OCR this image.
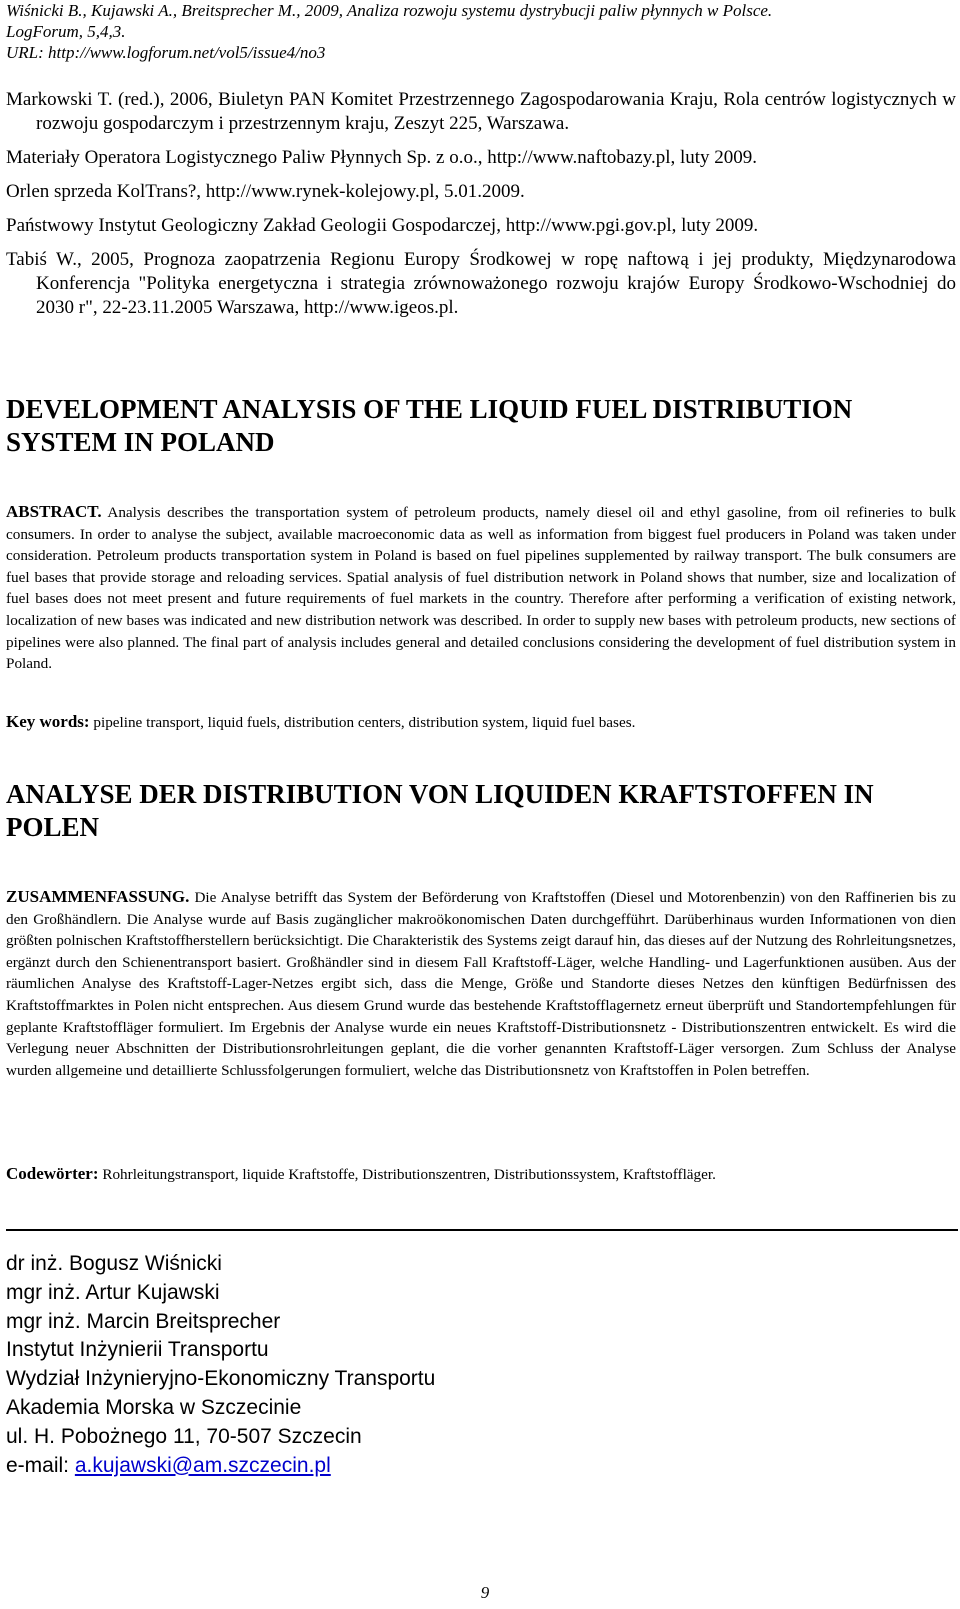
Wiśnicki B., Kujawski A., Breitsprecher M., 2009, Analiza rozwoju systemu dystrybucji paliw płynnych w Polsce.
LogForum, 5,4,3.
URL: http://www.logforum.net/vol5/issue4/no3

Markowski T. (red.), 2006, Biuletyn PAN Komitet Przestrzennego Zagospodarowania Kraju, Rola centrów logistycznych w rozwoju gospodarczym i przestrzennym kraju, Zeszyt 225, Warszawa.

Materiały Operatora Logistycznego Paliw Płynnych Sp. z o.o., http://www.naftobazy.pl, luty 2009.

Orlen sprzeda KolTrans?, http://www.rynek-kolejowy.pl, 5.01.2009.

Państwowy Instytut Geologiczny Zakład Geologii Gospodarczej, http://www.pgi.gov.pl, luty 2009.

Tabiś W., 2005, Prognoza zaopatrzenia Regionu Europy Środkowej w ropę naftową i jej produkty, Międzynarodowa Konferencja "Polityka energetyczna i strategia zrównoważonego rozwoju krajów Europy Środkowo-Wschodniej do 2030 r", 22-23.11.2005 Warszawa, http://www.igeos.pl.

DEVELOPMENT ANALYSIS OF THE LIQUID FUEL DISTRIBUTION SYSTEM IN POLAND

ABSTRACT. Analysis describes the transportation system of petroleum products, namely diesel oil and ethyl gasoline, from oil refineries to bulk consumers. In order to analyse the subject, available macroeconomic data as well as information from biggest fuel producers in Poland was taken under consideration. Petroleum products transportation system in Poland is based on fuel pipelines supplemented by railway transport. The bulk consumers are fuel bases that provide storage and reloading services. Spatial analysis of fuel distribution network in Poland shows that number, size and localization of fuel bases does not meet present and future requirements of fuel markets in the country. Therefore after performing a verification of existing network, localization of new bases was indicated and new distribution network was described. In order to supply new bases with petroleum products, new sections of pipelines were also planned. The final part of analysis includes general and detailed conclusions considering the development of fuel distribution system in Poland.

Key words: pipeline transport, liquid fuels, distribution centers, distribution system, liquid fuel bases.

ANALYSE DER DISTRIBUTION VON LIQUIDEN KRAFTSTOFFEN IN POLEN

ZUSAMMENFASSUNG. Die Analyse betrifft das System der Beförderung von Kraftstoffen (Diesel und Motorenbenzin) von den Raffinerien bis zu den Großhändlern. Die Analyse wurde auf Basis zugänglicher makroökonomischen Daten durchgefführt. Darüberhinaus wurden Informationen von dien größten polnischen Kraftstoffherstellern berücksichtigt. Die Charakteristik des Systems zeigt darauf hin, das dieses auf der Nutzung des Rohrleitungsnetzes, ergänzt durch den Schienentransport basiert. Großhändler sind in diesem Fall Kraftstoff-Läger, welche Handling- und Lagerfunktionen ausüben. Aus der räumlichen Analyse des Kraftstoff-Lager-Netzes ergibt sich, dass die Menge, Größe und Standorte dieses Netzes den künftigen Bedürfnissen des Kraftstoffmarktes in Polen nicht entsprechen. Aus diesem Grund wurde das bestehende Kraftstofflagernetz erneut überprüft und Standortempfehlungen für geplante Kraftstoffläger formuliert. Im Ergebnis der Analyse wurde ein neues Kraftstoff-Distributionsnetz - Distributionszentren entwickelt. Es wird die Verlegung neuer Abschnitten der Distributionsrohrleitungen geplant, die die vorher genannten Kraftstoff-Läger versorgen. Zum Schluss der Analyse wurden allgemeine und detaillierte Schlussfolgerungen formuliert, welche das Distributionsnetz von Kraftstoffen in Polen betreffen.

Codewörter: Rohrleitungstransport, liquide Kraftstoffe, Distributionszentren, Distributionssystem, Kraftstoffläger.

dr inż. Bogusz Wiśnicki
mgr inż. Artur Kujawski
mgr inż. Marcin Breitsprecher
Instytut Inżynierii Transportu
Wydział Inżynieryjno-Ekonomiczny Transportu
Akademia Morska w Szczecinie
ul. H. Pobożnego 11, 70-507 Szczecin
e-mail: a.kujawski@am.szczecin.pl
9
